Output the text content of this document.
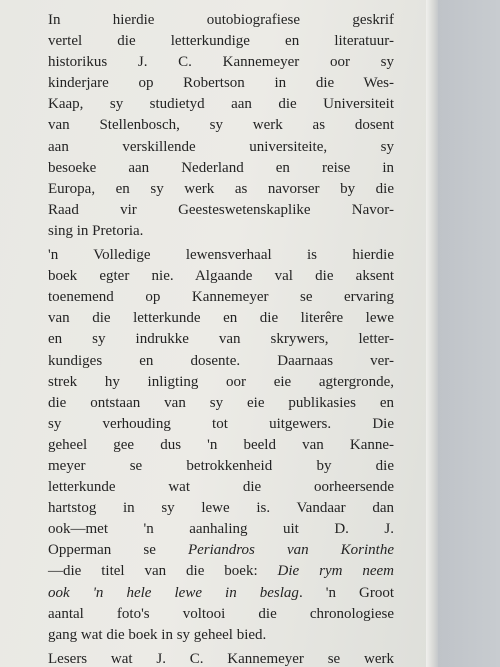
In hierdie outobiografiese geskrif
vertel die letterkundige en literatuur-
historikus J. C. Kannemeyer oor sy
kinderjare op Robertson in die Wes-
Kaap, sy studietyd aan die Universiteit
van Stellenbosch, sy werk as dosent
aan verskillende universiteite, sy
besoeke aan Nederland en reise in
Europa, en sy werk as navorser by die
Raad vir Geesteswetenskaplike Navor-
sing in Pretoria.
'n Volledige lewensverhaal is hierdie
boek egter nie. Algaande val die aksent
toenemend op Kannemeyer se ervaring
van die letterkunde en die literêre lewe
en sy indrukke van skrywers, letter-
kundiges en dosente. Daarnaas ver-
strek hy inligting oor eie agtergronde,
die ontstaan van sy eie publikasies en
sy verhouding tot uitgewers. Die
geheel gee dus 'n beeld van Kanne-
meyer se betrokkenheid by die
letterkunde wat die oorheersende
hartstog in sy lewe is. Vandaar dan
ook—met 'n aanhaling uit D. J.
Opperman se Periandros van Korinthe
—die titel van die boek: Die rym neem
ook 'n hele lewe in beslag. 'n Groot
aantal foto's voltooi die chronologiese
gang wat die boek in sy geheel bied.
Lesers wat J. C. Kannemeyer se werk
